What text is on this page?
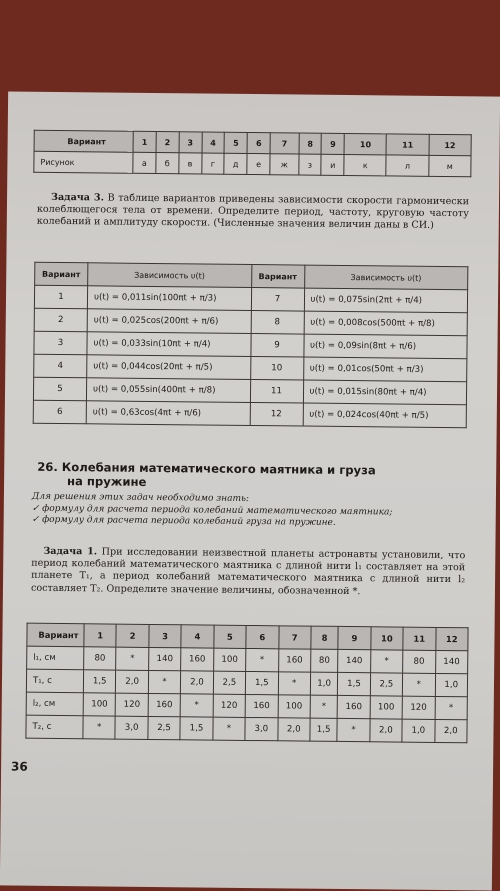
Вариант	1	2	3	4	5	6	7	8	9	10	11	12
Рисунок	а	б	в	г	д	е	ж	з	и	к	л	м
Задача 3. В таблице вариантов приведены зависимости скорости гармонически колеблющегося тела от времени. Определите период, частоту, круговую частоту колебаний и амплитуду скорости. (Численные значения величин даны в СИ.)
Вариант	Зависимость υ(t)	Вариант	Зависимость υ(t)
1	υ(t) = 0,011sin(100πt + π/3)	7	υ(t) = 0,075sin(2πt + π/4)
2	υ(t) = 0,025cos(200πt + π/6)	8	υ(t) = 0,008cos(500πt + π/8)
3	υ(t) = 0,033sin(10πt + π/4)	9	υ(t) = 0,09sin(8πt + π/6)
4	υ(t) = 0,044cos(20πt + π/5)	10	υ(t) = 0,01cos(50πt + π/3)
5	υ(t) = 0,055sin(400πt + π/8)	11	υ(t) = 0,015sin(80πt + π/4)
6	υ(t) = 0,63cos(4πt + π/6)	12	υ(t) = 0,024cos(40πt + π/5)
26. Колебания математического маятника и груза
на пружине
Для решения этих задач необходимо знать:
✓ формулу для расчета периода колебаний математического маятника;
✓ формулу для расчета периода колебаний груза на пружине.
Задача 1. При исследовании неизвестной планеты астронавты установили, что период колебаний математического маятника с длиной нити l₁ составляет на этой планете T₁, а период колебаний математического маятника с длиной нити l₂ составляет T₂. Определите значение величины, обозначенной *.
Вариант	1	2	3	4	5	6	7	8	9	10	11	12
l₁, см	80	*	140	160	100	*	160	80	140	*	80	140
T₁, с	1,5	2,0	*	2,0	2,5	1,5	*	1,0	1,5	2,5	*	1,0
l₂, см	100	120	160	*	120	160	100	*	160	100	120	*
T₂, с	*	3,0	2,5	1,5	*	3,0	2,0	1,5	*	2,0	1,0	2,0
36
